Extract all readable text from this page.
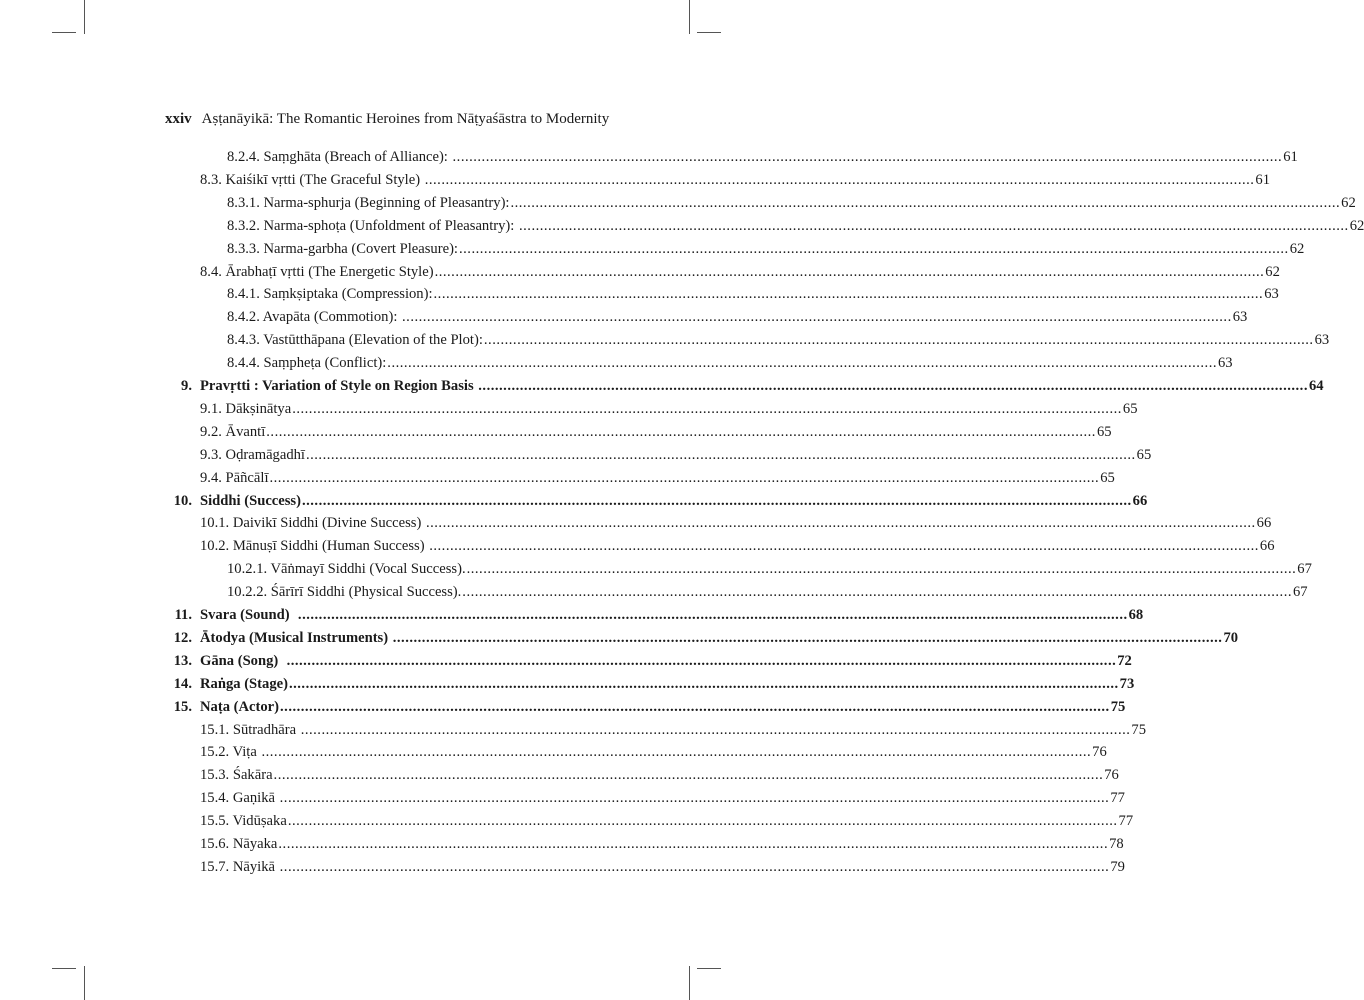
xxiv Aṣṭanāyikā: The Romantic Heroines from Nāṭyaśāstra to Modernity
8.2.4. Saṃghāta (Breach of Alliance): ........................................................................................................................................................................................................ 61
8.3. Kaiśikī vṛtti (The Graceful Style) ........................................................................................................................................................................................................ 61
8.3.1. Narma-sphurja (Beginning of Pleasantry): ........................................................................................................................................................................................................ 62
8.3.2. Narma-sphoṭa (Unfoldment of Pleasantry): ........................................................................................................................................................................................................ 62
8.3.3. Narma-garbha (Covert Pleasure): ........................................................................................................................................................................................................ 62
8.4. Ārabhaṭī vṛtti (The Energetic Style) ........................................................................................................................................................................................................ 62
8.4.1. Saṃkṣiptaka (Compression): ........................................................................................................................................................................................................ 63
8.4.2. Avapāta (Commotion): ........................................................................................................................................................................................................ 63
8.4.3. Vastūtthāpana (Elevation of the Plot): ........................................................................................................................................................................................................ 63
8.4.4. Saṃpheṭa (Conflict): ........................................................................................................................................................................................................ 63
9. Pravṛtti : Variation of Style on Region Basis ........................................................................................................................................................................................................ 64
9.1. Dākṣinātya ........................................................................................................................................................................................................ 65
9.2. Āvantī ........................................................................................................................................................................................................ 65
9.3. Oḍramāgadhī ........................................................................................................................................................................................................ 65
9.4. Pāñcālī ........................................................................................................................................................................................................ 65
10. Siddhi (Success) ........................................................................................................................................................................................................ 66
10.1. Daivikī Siddhi (Divine Success) ........................................................................................................................................................................................................ 66
10.2. Mānuṣī Siddhi (Human Success) ........................................................................................................................................................................................................ 66
10.2.1. Vāṅmayī Siddhi (Vocal Success). ........................................................................................................................................................................................................ 67
10.2.2. Śārīrī Siddhi (Physical Success). ........................................................................................................................................................................................................ 67
11. Svara (Sound) ........................................................................................................................................................................................................ 68
12. Ātodya (Musical Instruments) ........................................................................................................................................................................................................ 70
13. Gāna (Song) ........................................................................................................................................................................................................ 72
14. Raṅga (Stage) ........................................................................................................................................................................................................ 73
15. Naṭa (Actor) ........................................................................................................................................................................................................ 75
15.1. Sūtradhāra ........................................................................................................................................................................................................ 75
15.2. Viṭa ........................................................................................................................................................................................................ 76
15.3. Śakāra ........................................................................................................................................................................................................ 76
15.4. Gaṇikā ........................................................................................................................................................................................................ 77
15.5. Vidūṣaka ........................................................................................................................................................................................................ 77
15.6. Nāyaka ........................................................................................................................................................................................................ 78
15.7. Nāyikā ........................................................................................................................................................................................................ 79
